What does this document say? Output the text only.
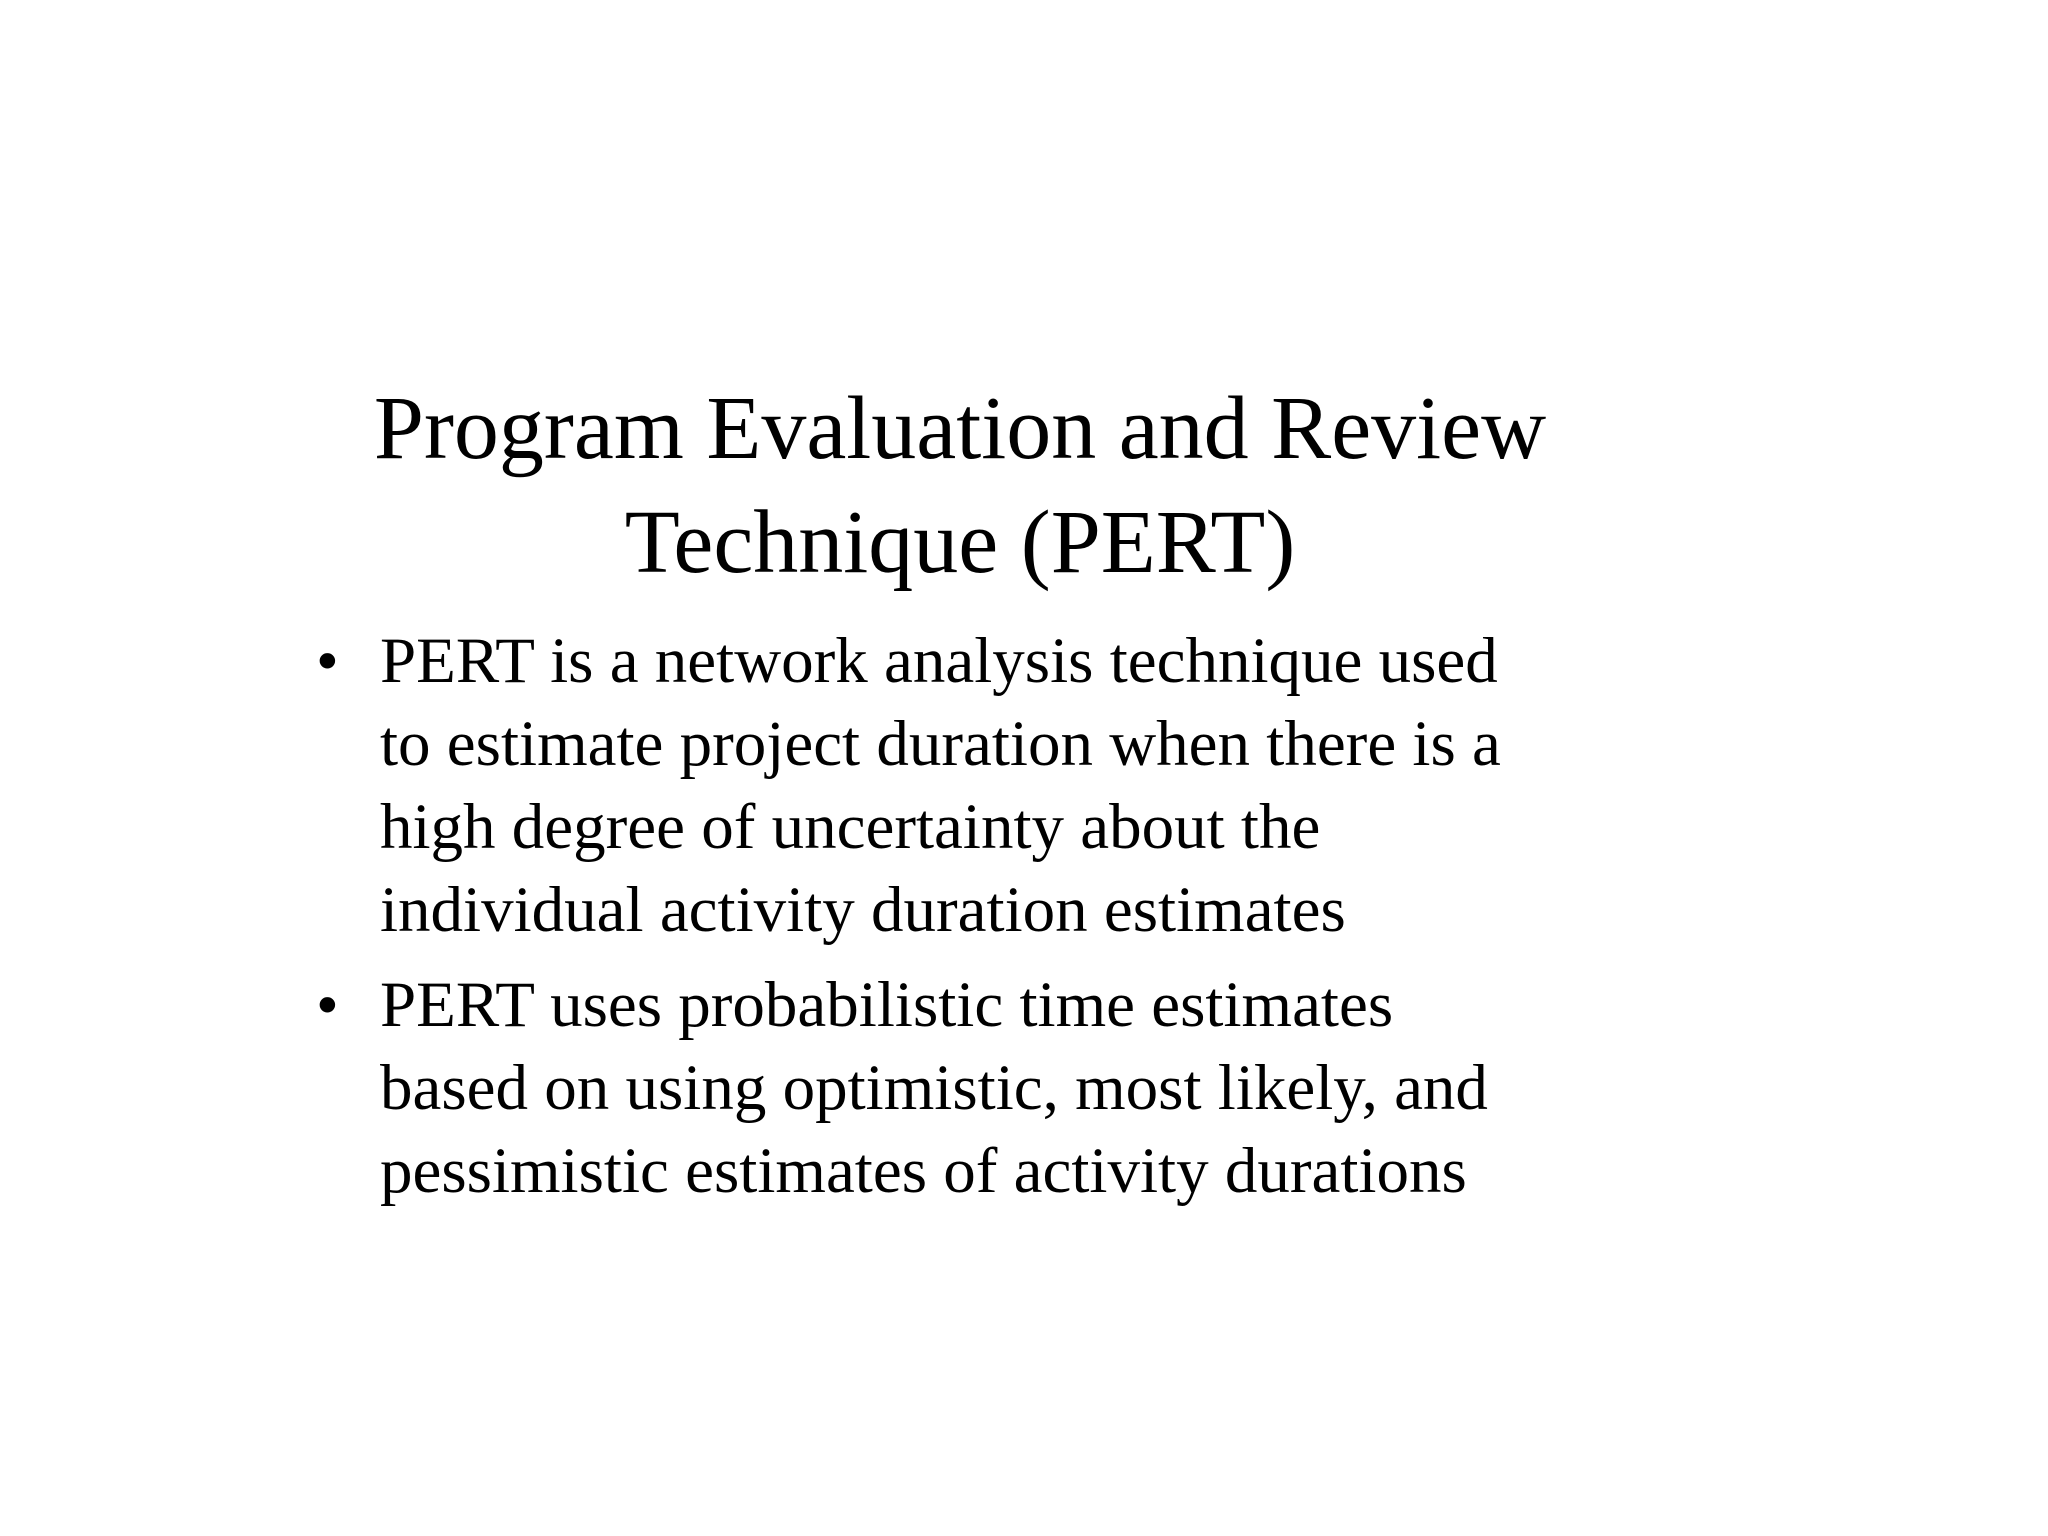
Program Evaluation and Review
Technique (PERT)
• PERT is a network analysis technique used
to estimate project duration when there is a
high degree of uncertainty about the
individual activity duration estimates
• PERT uses probabilistic time estimates
based on using optimistic, most likely, and
pessimistic estimates of activity durations
